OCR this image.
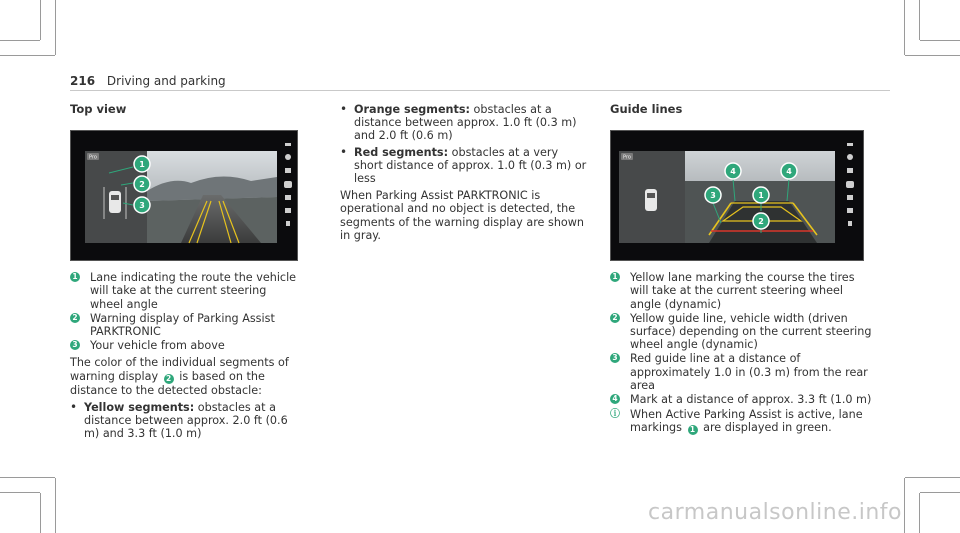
216 Driving and parking
Top view
Pro
1
2
3
1 Lane indicating the route the vehicle will take at the current steering wheel angle
2 Warning display of Parking Assist PARKTRONIC
3 Your vehicle from above

The color of the individual segments of warning display 2 is based on the distance to the detected obstacle:

• Yellow segments: obstacles at a distance between approx. 2.0 ft (0.6 m) and 3.3 ft (1.0 m)
• Orange segments: obstacles at a distance between approx. 1.0 ft (0.3 m) and 2.0 ft (0.6 m)
• Red segments: obstacles at a very short distance of approx. 1.0 ft (0.3 m) or less

When Parking Assist PARKTRONIC is operational and no object is detected, the segments of the warning display are shown in gray.

Guide lines
Pro
4	4
3	1
2
1 Yellow lane marking the course the tires will take at the current steering wheel angle (dynamic)
2 Yellow guide line, vehicle width (driven surface) depending on the current steering wheel angle (dynamic)
3 Red guide line at a distance of approximately 1.0 in (0.3 m) from the rear area
4 Mark at a distance of approx. 3.3 ft (1.0 m)
ⓘ When Active Parking Assist is active, lane markings 1 are displayed in green.
carmanualsonline.info
